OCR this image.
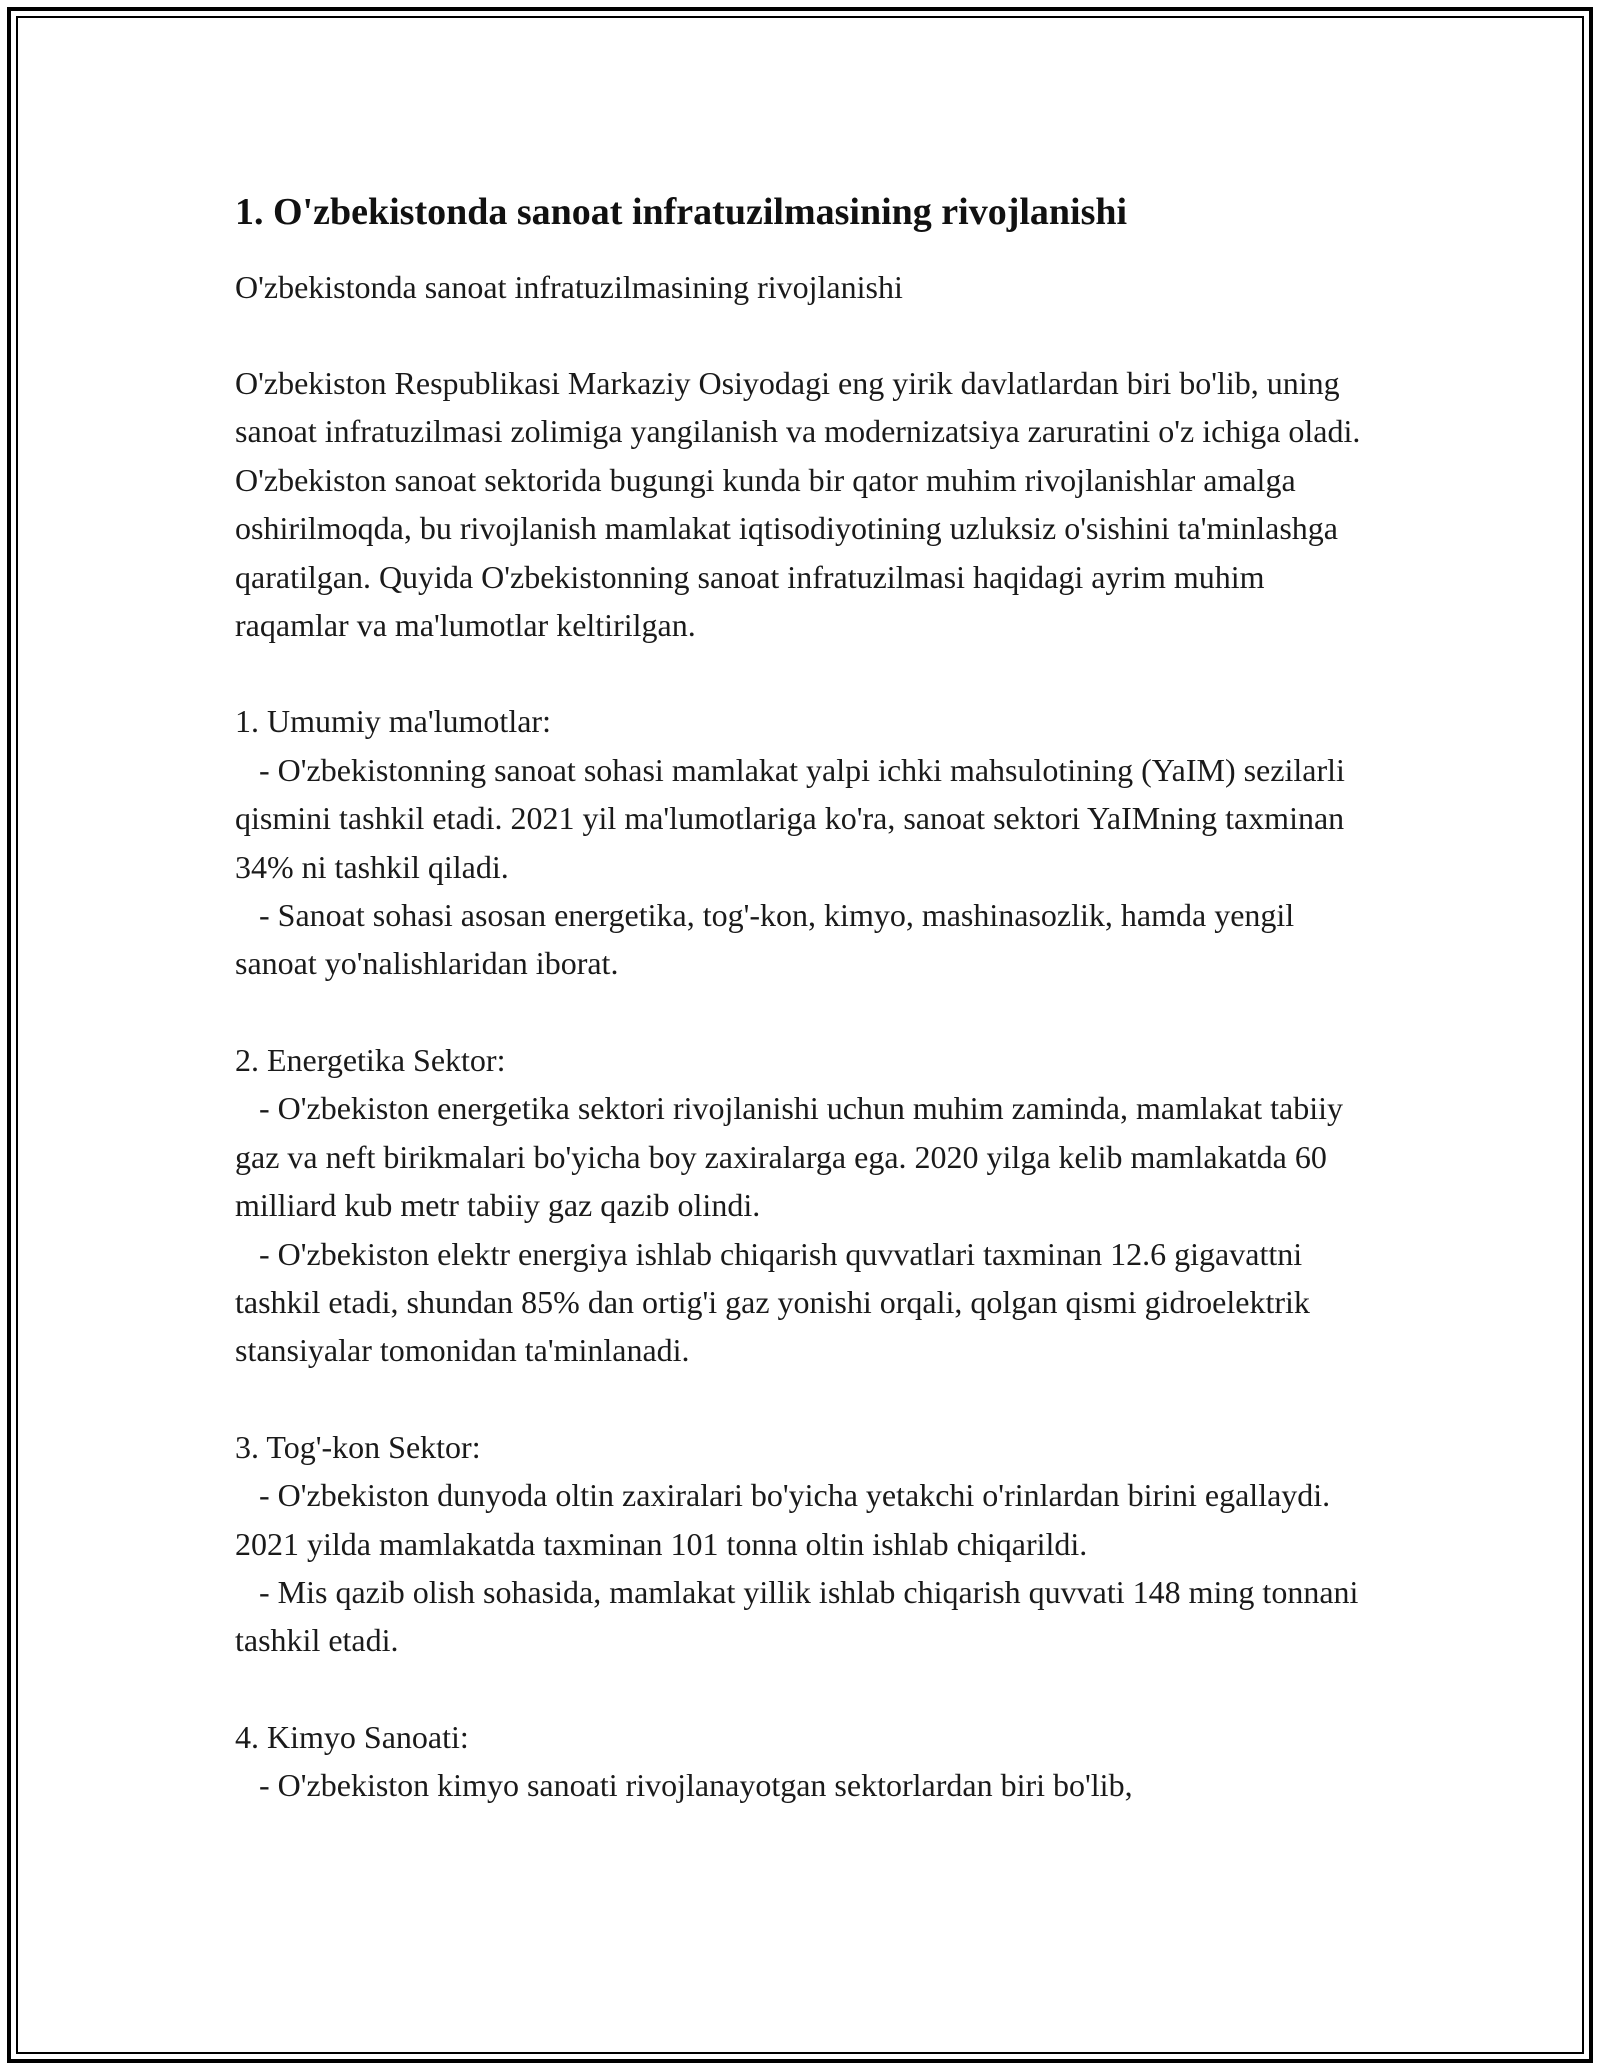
1. O'zbekistonda sanoat infratuzilmasining rivojlanishi

O'zbekistonda sanoat infratuzilmasining rivojlanishi

O'zbekiston Respublikasi Markaziy Osiyodagi eng yirik davlatlardan biri bo'lib, uning sanoat infratuzilmasi zolimiga yangilanish va modernizatsiya zaruratini o'z ichiga oladi. O'zbekiston sanoat sektorida bugungi kunda bir qator muhim rivojlanishlar amalga oshirilmoqda, bu rivojlanish mamlakat iqtisodiyotining uzluksiz o'sishini ta'minlashga qaratilgan. Quyida O'zbekistonning sanoat infratuzilmasi haqidagi ayrim muhim raqamlar va ma'lumotlar keltirilgan.

1. Umumiy ma'lumotlar:
- O'zbekistonning sanoat sohasi mamlakat yalpi ichki mahsulotining (YaIM) sezilarli qismini tashkil etadi. 2021 yil ma'lumotlariga ko'ra, sanoat sektori YaIMning taxminan 34% ni tashkil qiladi.
- Sanoat sohasi asosan energetika, tog'-kon, kimyo, mashinasozlik, hamda yengil sanoat yo'nalishlaridan iborat.
2. Energetika Sektor:
- O'zbekiston energetika sektori rivojlanishi uchun muhim zaminda, mamlakat tabiiy gaz va neft birikmalari bo'yicha boy zaxiralarga ega. 2020 yilga kelib mamlakatda 60 milliard kub metr tabiiy gaz qazib olindi.
- O'zbekiston elektr energiya ishlab chiqarish quvvatlari taxminan 12.6 gigavattni tashkil etadi, shundan 85% dan ortig'i gaz yonishi orqali, qolgan qismi gidroelektrik stansiyalar tomonidan ta'minlanadi.
3. Tog'-kon Sektor:
- O'zbekiston dunyoda oltin zaxiralari bo'yicha yetakchi o'rinlardan birini egallaydi. 2021 yilda mamlakatda taxminan 101 tonna oltin ishlab chiqarildi.
- Mis qazib olish sohasida, mamlakat yillik ishlab chiqarish quvvati 148 ming tonnani tashkil etadi.
4. Kimyo Sanoati:
- O'zbekiston kimyo sanoati rivojlanayotgan sektorlardan biri bo'lib,
